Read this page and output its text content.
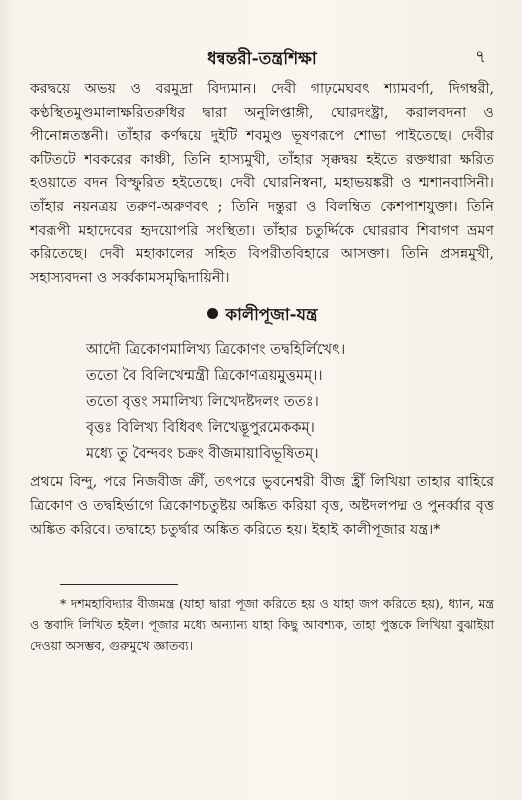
ধন্বন্তরী-তন্ত্রশিক্ষা	৭

করদ্বয়ে অভয় ও বরমুদ্রা বিদ্যমান। দেবী গাঢ়মেঘবৎ শ্যামবর্ণা, দিগম্বরী, কণ্ঠস্থিতমুণ্ডমালাক্ষরিতরুধির দ্বারা অনুলিপ্তাঙ্গী, ঘোরদংষ্ট্রা, করালবদনা ও পীনোন্নতস্তনী। তাঁহার কর্ণদ্বয়ে দুইটি শবমুণ্ড ভূষণরূপে শোভা পাইতেছে। দেবীর কটিতটে শবকরের কাঞ্চী, তিনি হাস্যমুখী, তাঁহার সৃক্কদ্বয় হইতে রক্তধারা ক্ষরিত হওয়াতে বদন বিস্ফুরিত হইতেছে। দেবী ঘোরনিস্বনা, মহাভয়ঙ্করী ও শ্মশানবাসিনী। তাঁহার নয়নত্রয় তরুণ-অরুণবৎ ; তিনি দন্তুরা ও বিলম্বিত কেশপাশযুক্তা। তিনি শবরূপী মহাদেবের হৃদয়োপরি সংস্থিতা। তাঁহার চতুর্দ্দিকে ঘোররাব শিবাগণ ভ্রমণ করিতেছে। দেবী মহাকালের সহিত বিপরীতবিহারে আসক্তা। তিনি প্রসন্নমুখী, সহাস্যবদনা ও সর্ব্বকামসমৃদ্ধিদায়িনী।

কালীপূজা-যন্ত্র
আদৌ ত্রিকোণমালিখ্য ত্রিকোণং তদ্বহির্লিখেৎ।
ততো বৈ বিলিখেন্মন্ত্রী ত্রিকোণত্রয়মুত্তমম্।।
ততো বৃত্তং সমালিখ্য লিখেদষ্টদলং ততঃ।
বৃত্তঃ বিলিখ্য বিধিবৎ লিখেদ্ভূপুরমেককম্।
মধ্যে তু বৈন্দবং চক্রং বীজমায়াবিভূষিতম্।

প্রথমে বিন্দু, পরে নিজবীজ ক্রীঁ, তৎপরে ভুবনেশ্বরী বীজ হ্রীঁ লিখিয়া তাহার বাহিরে ত্রিকোণ ও তদ্বহির্ভাগে ত্রিকোণচতুষ্টয় অঙ্কিত করিয়া বৃত্ত, অষ্টদলপদ্ম ও পুনর্ব্বার বৃত্ত অঙ্কিত করিবে। তদ্বাহ্যে চতুর্দ্বার অঙ্কিত করিতে হয়। ইহাই কালীপূজার যন্ত্র।*

* দশমহাবিদ্যার বীজমন্ত্র (যাহা দ্বারা পূজা করিতে হয় ও যাহা জপ করিতে হয়), ধ্যান, মন্ত্র ও স্তবাদি লিখিত হইল। পূজার মধ্যে অন্যান্য যাহা কিছু আবশ্যক, তাহা পুস্তকে লিখিয়া বুঝাইয়া দেওয়া অসম্ভব, গুরুমুখে জ্ঞাতব্য।
